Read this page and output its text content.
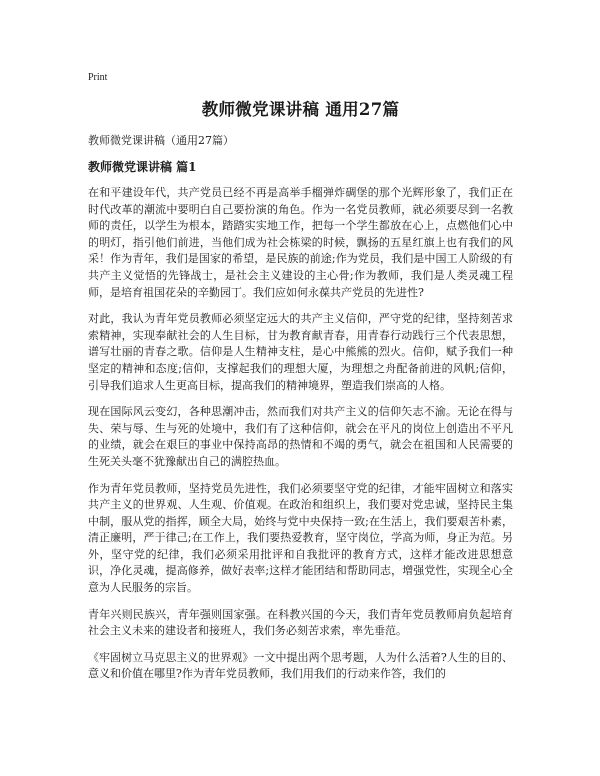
Print
教师微党课讲稿 通用27篇
教师微党课讲稿（通用27篇）
教师微党课讲稿 篇1

在和平建设年代，共产党员已经不再是高举手榴弹炸碉堡的那个光辉形象了，我们正在时代改革的潮流中要明白自己要扮演的角色。作为一名党员教师，就必须要尽到一名教师的责任，以学生为根本，踏踏实实地工作，把每一个学生都放在心上，点燃他们心中的明灯，指引他们前进，当他们成为社会栋梁的时候，飘扬的五星红旗上也有我们的风采！作为青年，我们是国家的希望，是民族的前途;作为党员，我们是中国工人阶级的有共产主义觉悟的先锋战士，是社会主义建设的主心骨;作为教师，我们是人类灵魂工程师，是培育祖国花朵的辛勤园丁。我们应如何永葆共产党员的先进性?

对此，我认为青年党员教师必须坚定远大的共产主义信仰，严守党的纪律，坚持刻苦求索精神，实现奉献社会的人生目标，甘为教育献青春，用青春行动践行三个代表思想，谱写壮丽的青春之歌。信仰是人生精神支柱，是心中熊熊的烈火。信仰，赋予我们一种坚定的精神和态度;信仰，支撑起我们的理想大厦，为理想之舟配备前进的风帆;信仰，引导我们追求人生更高目标，提高我们的精神境界，塑造我们崇高的人格。

现在国际风云变幻，各种思潮冲击，然而我们对共产主义的信仰矢志不渝。无论在得与失、荣与辱、生与死的处境中，我们有了这种信仰，就会在平凡的岗位上创造出不平凡的业绩，就会在艰巨的事业中保持高昂的热情和不竭的勇气，就会在祖国和人民需要的生死关头毫不犹豫献出自己的满腔热血。

作为青年党员教师，坚持党员先进性，我们必须要坚守党的纪律，才能牢固树立和落实共产主义的世界观、人生观、价值观。在政治和组织上，我们要对党忠诚，坚持民主集中制，服从党的指挥，顾全大局，始终与党中央保持一致;在生活上，我们要艰苦朴素，清正廉明，严于律己;在工作上，我们要热爱教育，坚守岗位，学高为师，身正为范。另外，坚守党的纪律，我们必须采用批评和自我批评的教育方式，这样才能改进思想意识，净化灵魂，提高修养，做好表率;这样才能团结和帮助同志，增强党性，实现全心全意为人民服务的宗旨。

青年兴则民族兴，青年强则国家强。在科教兴国的今天，我们青年党员教师肩负起培育社会主义未来的建设者和接班人，我们务必刻苦求索，率先垂范。

《牢固树立马克思主义的世界观》一文中提出两个思考题，人为什么活着?人生的目的、意义和价值在哪里?作为青年党员教师，我们用我们的行动来作答，我们的
